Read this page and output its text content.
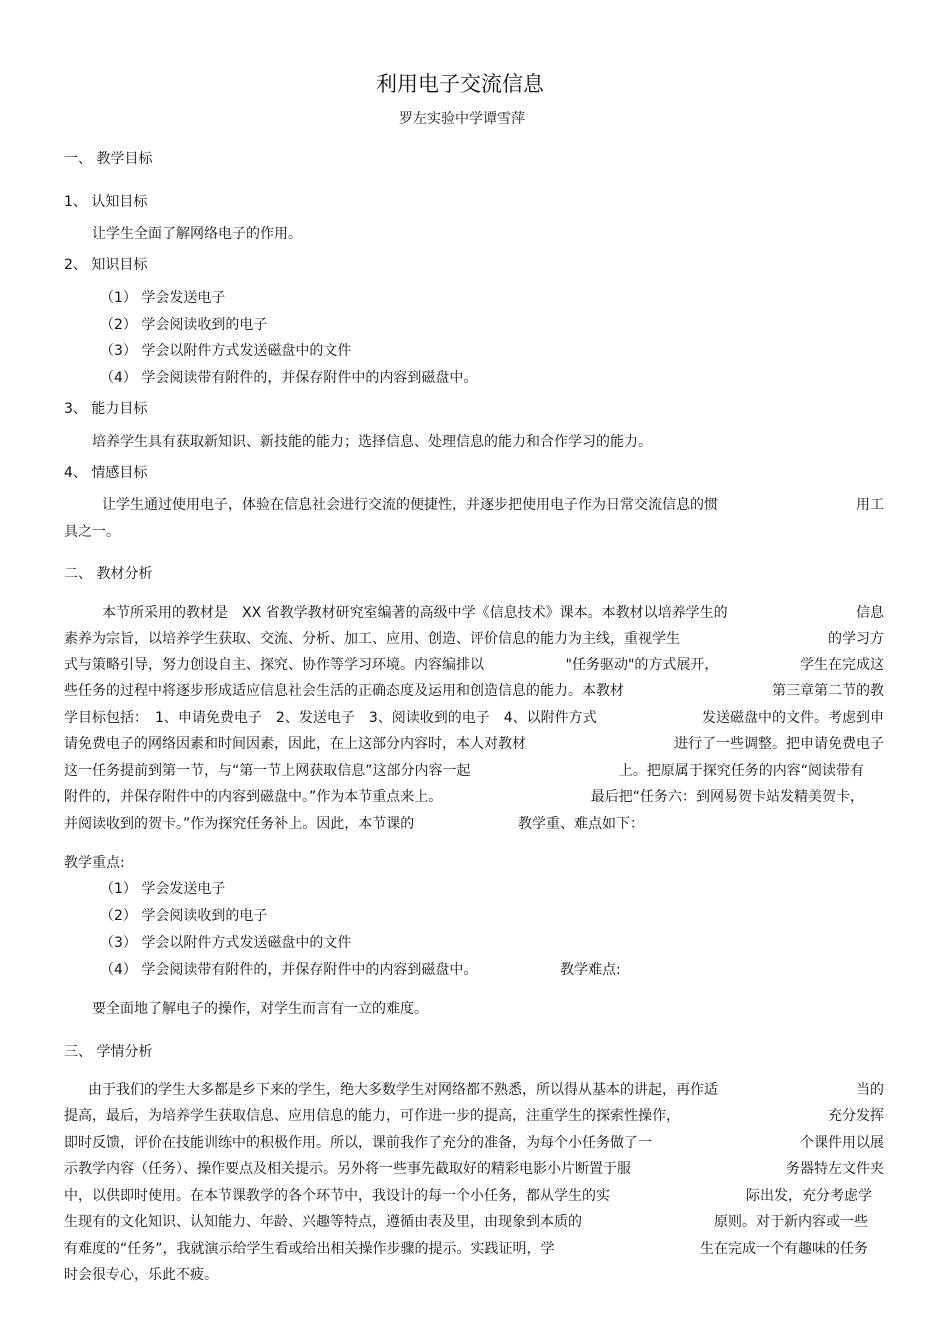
利用电子交流信息
罗左实验中学谭雪萍
一、 教学目标
1、 认知目标
让学生全面了解网络电子的作用。
2、 知识目标
（1） 学会发送电子
（2） 学会阅读收到的电子
（3） 学会以附件方式发送磁盘中的文件
（4） 学会阅读带有附件的，并保存附件中的内容到磁盘中。
3、 能力目标
培养学生具有获取新知识、新技能的能力；选择信息、处理信息的能力和合作学习的能力。
4、 情感目标
让学生通过使用电子，体验在信息社会进行交流的便捷性，并逐步把使用电子作为日常交流信息的惯	用工
具之一。
二、 教材分析
本节所采用的教材是　XX 省教学教材研究室编著的高级中学《信息技术》课本。本教材以培养学生的	信息
素养为宗旨，以培养学生获取、交流、分析、加工、应用、创造、评价信息的能力为主线，重视学生	的学习方
式与策略引导，努力创设自主、探究、协作等学习环境。内容编排以	"任务驱动"的方式展开，	学生在完成这
些任务的过程中将逐步形成适应信息社会生活的正确态度及运用和创造信息的能力。本教材	第三章第二节的教
学目标包括：　1、申请免费电子　2、发送电子　3、阅读收到的电子　4、以附件方式	发送磁盘中的文件。考虑到申
请免费电子的网络因素和时间因素，因此，在上这部分内容时，本人对教材	进行了一些调整。把申请免费电子
这一任务提前到第一节，与“第一节上网获取信息”这部分内容一起	上。把原属于探究任务的内容“阅读带有
附件的，并保存附件中的内容到磁盘中。”作为本节重点来上。	最后把“任务六：到网易贺卡站发精美贺卡，
并阅读收到的贺卡。”作为探究任务补上。因此，本节课的	教学重、难点如下：
教学重点:
（1） 学会发送电子
（2） 学会阅读收到的电子
（3） 学会以附件方式发送磁盘中的文件
（4） 学会阅读带有附件的，并保存附件中的内容到磁盘中。	教学难点:
要全面地了解电子的操作，对学生而言有一立的难度。
三、 学情分析
由于我们的学生大多都是乡下来的学生，绝大多数学生对网络都不熟悉，所以得从基本的讲起，再作适	当的
提高，最后，为培养学生获取信息、应用信息的能力，可作进一步的提高，注重学生的探索性操作，	充分发挥
即时反馈，评价在技能训练中的积极作用。所以，课前我作了充分的准备，为每个小任务做了一	个课件用以展
示教学内容（任务）、操作要点及相关提示。另外将一些事先截取好的精彩电影小片断置于服	务器特左文件夹
中，以供即时使用。在本节课教学的各个环节中，我设计的每一个小任务，都从学生的实	际出发，充分考虑学
生现有的文化知识、认知能力、年龄、兴趣等特点，遵循由表及里，由现象到本质的	原则。对于新内容或一些
有难度的“任务”，我就演示给学生看或给出相关操作步骤的提示。实践证明，学	生在完成一个有趣味的任务
时会很专心，乐此不疲。
